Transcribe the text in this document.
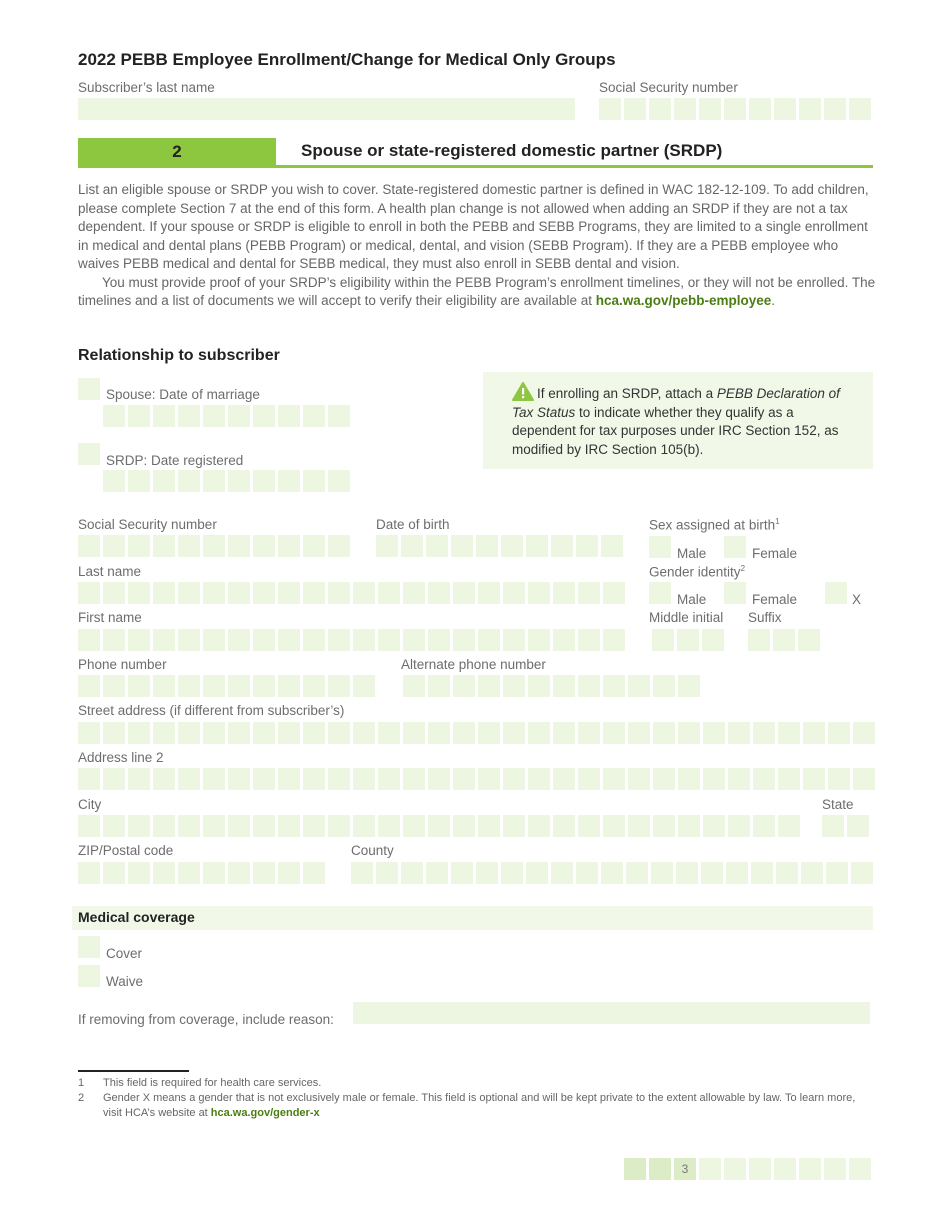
2022 PEBB Employee Enrollment/Change for Medical Only Groups
Subscriber’s last name	Social Security number
2	Spouse or state-registered domestic partner (SRDP)

List an eligible spouse or SRDP you wish to cover. State-registered domestic partner is defined in WAC 182-12-109. To add children, please complete Section 7 at the end of this form. A health plan change is not allowed when adding an SRDP if they are not a tax dependent. If your spouse or SRDP is eligible to enroll in both the PEBB and SEBB Programs, they are limited to a single enrollment in medical and dental plans (PEBB Program) or medical, dental, and vision (SEBB Program). If they are a PEBB employee who waives PEBB medical and dental for SEBB medical, they must also enroll in SEBB dental and vision.

You must provide proof of your SRDP’s eligibility within the PEBB Program’s enrollment timelines, or they will not be enrolled. The timelines and a list of documents we will accept to verify their eligibility are available at hca.wa.gov/pebb-employee.

Relationship to subscriber
Spouse: Date of marriage
SRDP: Date registered
If enrolling an SRDP, attach a PEBB Declaration of Tax Status to indicate whether they qualify as a dependent for tax purposes under IRC Section 152, as modified by IRC Section 105(b).
Social Security number	Date of birth	Sex assigned at birth$^1$
Male	Female
Last name	Gender identity$^2$
Male	Female	X
First name	Middle initial Suffix
Phone number	Alternate phone number
Street address (if different from subscriber’s)
Address line 2
City	State
ZIP/Postal code	County
Medical coverage
Cover
Waive
If removing from coverage, include reason:
1	This field is required for health care services.
2	Gender X means a gender that is not exclusively male or female. This field is optional and will be kept private to the extent allowable by law. To learn more, visit HCA’s website at hca.wa.gov/gender-x
3
